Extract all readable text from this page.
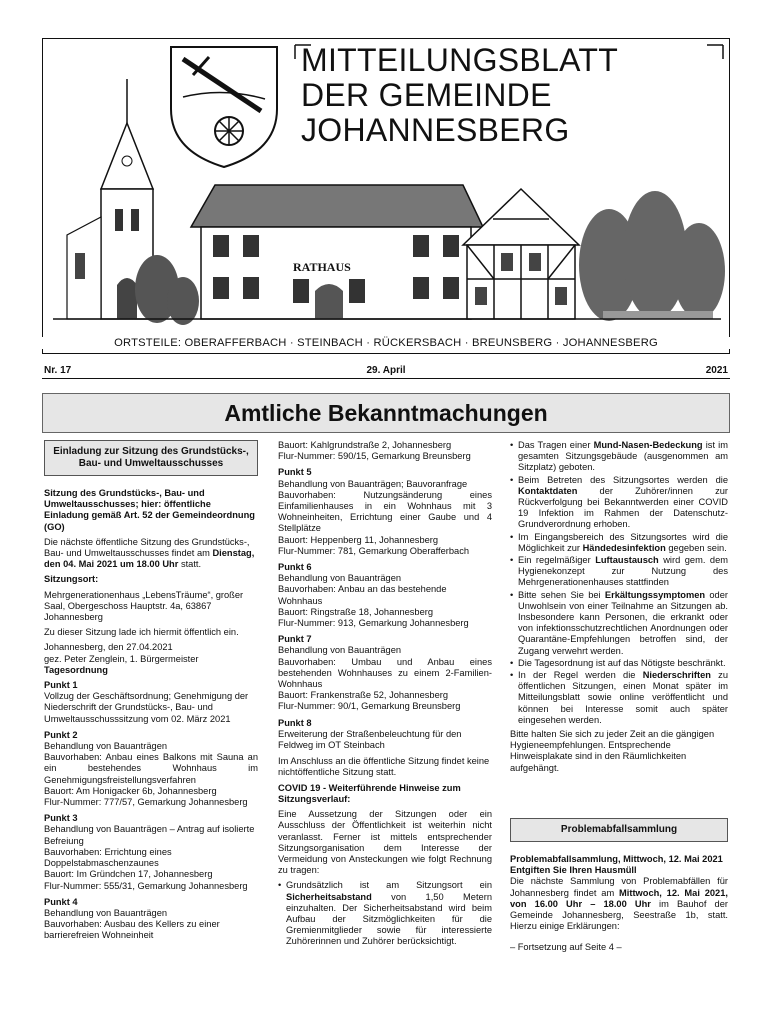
RATHAUS
MITTEILUNGSBLATT
DER GEMEINDE
JOHANNESBERG
ORTSTEILE: OBERAFFERBACH · STEINBACH · RÜCKERSBACH · BREUNSBERG · JOHANNESBERG
29. April
Nr. 17	2021
Amtliche Bekanntmachungen
Einladung zur Sitzung des Grundstücks-, Bau- und Umweltausschusses

Sitzung des Grundstücks-, Bau- und Umweltausschusses; hier: öffentliche Einladung gemäß Art. 52 der Gemeindeordnung (GO)

Die nächste öffentliche Sitzung des Grundstücks-, Bau- und Umweltausschusses findet am Dienstag, den 04. Mai 2021 um 18.00 Uhr statt.

Sitzungsort:

Mehrgenerationenhaus „LebensTräume“, großer Saal, Obergeschoss Hauptstr. 4a, 63867 Johannesberg

Zu dieser Sitzung lade ich hiermit öffentlich ein.

Johannesberg, den 27.04.2021

gez. Peter Zenglein, 1. Bürgermeister

Tagesordnung

Punkt 1
Vollzug der Geschäftsordnung; Genehmigung der Niederschrift der Grundstücks-, Bau- und Umweltausschusssitzung vom 02. März 2021
Punkt 2
Behandlung von Bauanträgen
Bauvorhaben: Anbau eines Balkons mit Sauna an ein bestehendes Wohnhaus im Genehmigungsfreistellungsverfahren
Bauort: Am Honigacker 6b, Johannesberg
Flur-Nummer: 777/57, Gemarkung Johannesberg
Punkt 3
Behandlung von Bauanträgen – Antrag auf isolierte Befreiung
Bauvorhaben: Errichtung eines Doppelstabmaschenzaunes
Bauort: Im Gründchen 17, Johannesberg
Flur-Nummer: 555/31, Gemarkung Johannesberg
Punkt 4
Behandlung von Bauanträgen
Bauvorhaben: Ausbau des Kellers zu einer barrierefreien Wohneinheit
Bauort: Kahlgrundstraße 2, Johannesberg
Flur-Nummer: 590/15, Gemarkung Breunsberg
Punkt 5
Behandlung von Bauanträgen; Bauvoranfrage
Bauvorhaben: Nutzungsänderung eines Einfamilienhauses in ein Wohnhaus mit 3 Wohneinheiten, Errichtung einer Gaube und 4 Stellplätze
Bauort: Heppenberg 11, Johannesberg
Flur-Nummer: 781, Gemarkung Oberafferbach
Punkt 6
Behandlung von Bauanträgen
Bauvorhaben: Anbau an das bestehende Wohnhaus
Bauort: Ringstraße 18, Johannesberg
Flur-Nummer: 913, Gemarkung Johannesberg
Punkt 7
Behandlung von Bauanträgen
Bauvorhaben: Umbau und Anbau eines bestehenden Wohnhauses zu einem 2-Familien-Wohnhaus
Bauort: Frankenstraße 52, Johannesberg
Flur-Nummer: 90/1, Gemarkung Breunsberg
Punkt 8
Erweiterung der Straßenbeleuchtung für den Feldweg im OT Steinbach

Im Anschluss an die öffentliche Sitzung findet keine nichtöffentliche Sitzung statt.

COVID 19 - Weiterführende Hinweise zum Sitzungsverlauf:

Eine Aussetzung der Sitzungen oder ein Ausschluss der Öffentlichkeit ist weiterhin nicht veranlasst. Ferner ist mittels entsprechender Sitzungsorganisation dem Interesse der Vermeidung von Ansteckungen wie folgt Rechnung zu tragen:

• Grundsätzlich ist am Sitzungsort ein Sicherheitsabstand von 1,50 Metern einzuhalten. Der Sicherheitsabstand wird beim Aufbau der Sitzmöglichkeiten für die Gremienmitglieder sowie für interessierte Zuhörerinnen und Zuhörer berücksichtigt.
• Das Tragen einer Mund-Nasen-Bedeckung ist im gesamten Sitzungsgebäude (ausgenommen am Sitzplatz) geboten.
• Beim Betreten des Sitzungsortes werden die Kontaktdaten der Zuhörer/innen zur Rückverfolgung bei Bekanntwerden einer COVID 19 Infektion im Rahmen der Datenschutz-Grundverordnung erhoben.
• Im Eingangsbereich des Sitzungsortes wird die Möglichkeit zur Händedesinfektion gegeben sein.
• Ein regelmäßiger Luftaustausch wird gem. dem Hygienekonzept zur Nutzung des Mehrgenerationenhauses stattfinden
• Bitte sehen Sie bei Erkältungssymptomen oder Unwohlsein von einer Teilnahme an Sitzungen ab. Insbesondere kann Personen, die erkrankt oder von infektionsschutzrechtlichen Anordnungen oder Quarantäne-Empfehlungen betroffen sind, der Zugang verwehrt werden.
• Die Tagesordnung ist auf das Nötigste beschränkt.
• In der Regel werden die Niederschriften zu öffentlichen Sitzungen, einen Monat später im Mitteilungsblatt sowie online veröffentlicht und können bei Interesse somit auch später eingesehen werden.

Bitte halten Sie sich zu jeder Zeit an die gängigen Hygieneempfehlungen. Entsprechende Hinweisplakate sind in den Räumlichkeiten aufgehängt.

Problemabfallsammlung

Problemabfallsammlung, Mittwoch, 12. Mai 2021

Entgiften Sie Ihren Hausmüll

Die nächste Sammlung von Problemabfällen für Johannesberg findet am Mittwoch, 12. Mai 2021, von 16.00 Uhr – 18.00 Uhr im Bauhof der Gemeinde Johannesberg, Seestraße 1b, statt. Hierzu einige Erklärungen:

– Fortsetzung auf Seite 4 –
